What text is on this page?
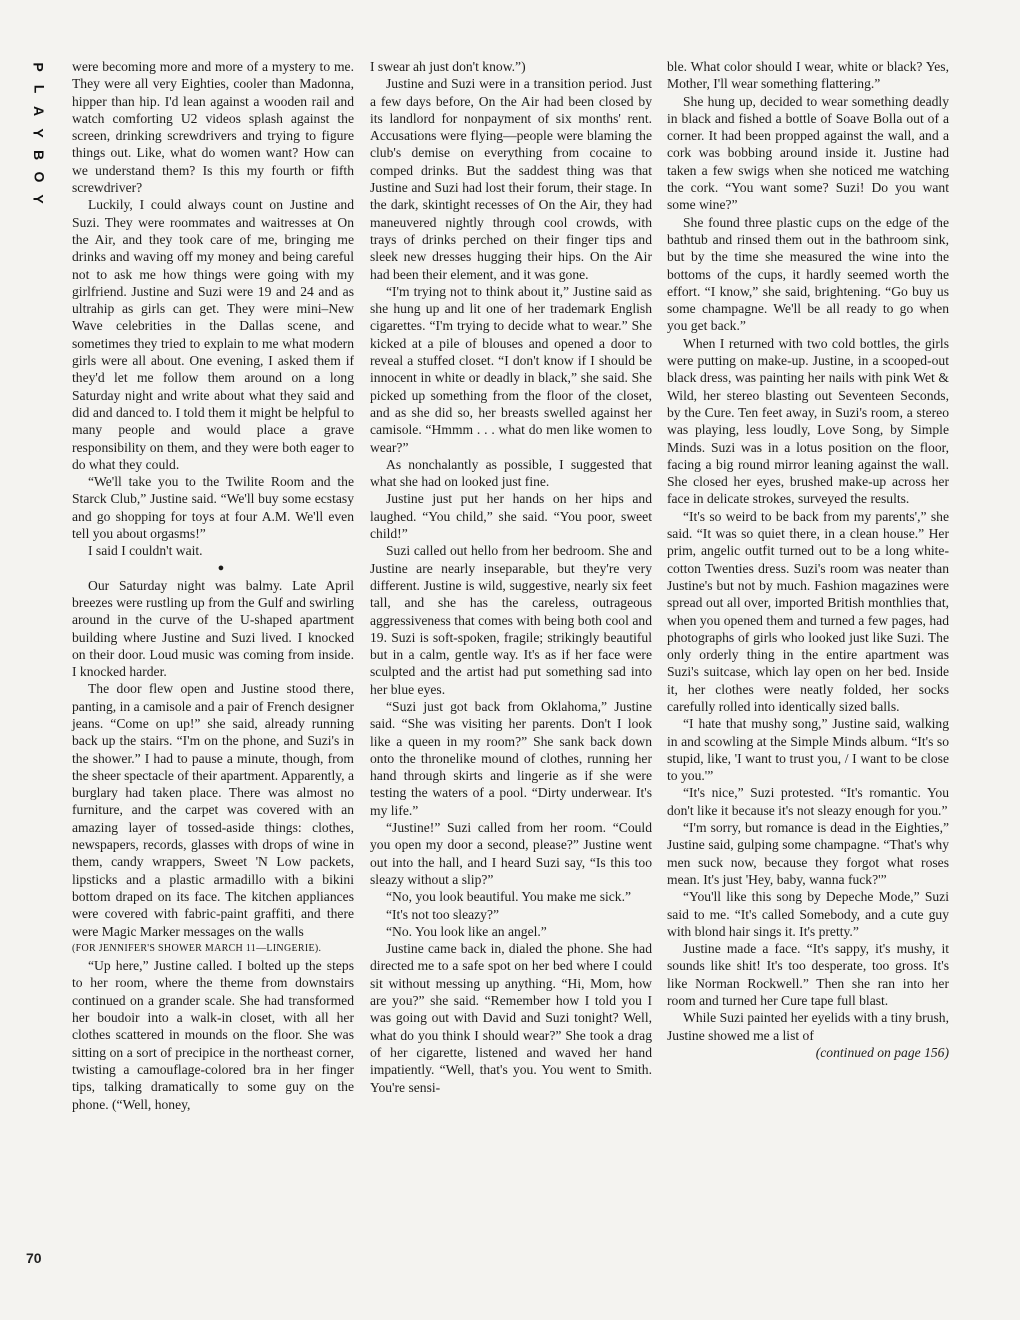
P
L
A
Y
B
O
Y
70

were becoming more and more of a mystery to me. They were all very Eighties, cooler than Madonna, hipper than hip. I'd lean against a wooden rail and watch comforting U2 videos splash against the screen, drinking screwdrivers and trying to figure things out. Like, what do women want? How can we understand them? Is this my fourth or fifth screwdriver?

Luckily, I could always count on Justine and Suzi. They were roommates and waitresses at On the Air, and they took care of me, bringing me drinks and waving off my money and being careful not to ask me how things were going with my girlfriend. Justine and Suzi were 19 and 24 and as ultrahip as girls can get. They were mini–New Wave celebrities in the Dallas scene, and sometimes they tried to explain to me what modern girls were all about. One evening, I asked them if they'd let me follow them around on a long Saturday night and write about what they said and did and danced to. I told them it might be helpful to many people and would place a grave responsibility on them, and they were both eager to do what they could.

“We'll take you to the Twilite Room and the Starck Club,” Justine said. “We'll buy some ecstasy and go shopping for toys at four A.M. We'll even tell you about orgasms!”

I said I couldn't wait.

●

Our Saturday night was balmy. Late April breezes were rustling up from the Gulf and swirling around in the curve of the U-shaped apartment building where Justine and Suzi lived. I knocked on their door. Loud music was coming from inside. I knocked harder.

The door flew open and Justine stood there, panting, in a camisole and a pair of French designer jeans. “Come on up!” she said, already running back up the stairs. “I'm on the phone, and Suzi's in the shower.” I had to pause a minute, though, from the sheer spectacle of their apartment. Apparently, a burglary had taken place. There was almost no furniture, and the carpet was covered with an amazing layer of tossed-aside things: clothes, newspapers, records, glasses with drops of wine in them, candy wrappers, Sweet 'N Low packets, lipsticks and a plastic armadillo with a bikini bottom draped on its face. The kitchen appliances were covered with fabric-paint graffiti, and there were Magic Marker messages on the walls

(FOR JENNIFER'S SHOWER MARCH 11—LINGERIE).

“Up here,” Justine called. I bolted up the steps to her room, where the theme from downstairs continued on a grander scale. She had transformed her boudoir into a walk-in closet, with all her clothes scattered in mounds on the floor. She was sitting on a sort of precipice in the northeast corner, twisting a camouflage-colored bra in her finger tips, talking dramatically to some guy on the phone. (“Well, honey,

I swear ah just don't know.”)

Justine and Suzi were in a transition period. Just a few days before, On the Air had been closed by its landlord for nonpayment of six months' rent. Accusations were flying—people were blaming the club's demise on everything from cocaine to comped drinks. But the saddest thing was that Justine and Suzi had lost their forum, their stage. In the dark, skintight recesses of On the Air, they had maneuvered nightly through cool crowds, with trays of drinks perched on their finger tips and sleek new dresses hugging their hips. On the Air had been their element, and it was gone.

“I'm trying not to think about it,” Justine said as she hung up and lit one of her trademark English cigarettes. “I'm trying to decide what to wear.” She kicked at a pile of blouses and opened a door to reveal a stuffed closet. “I don't know if I should be innocent in white or deadly in black,” she said. She picked up something from the floor of the closet, and as she did so, her breasts swelled against her camisole. “Hmmm . . . what do men like women to wear?”

As nonchalantly as possible, I suggested that what she had on looked just fine.

Justine just put her hands on her hips and laughed. “You child,” she said. “You poor, sweet child!”

Suzi called out hello from her bedroom. She and Justine are nearly inseparable, but they're very different. Justine is wild, suggestive, nearly six feet tall, and she has the careless, outrageous aggressiveness that comes with being both cool and 19. Suzi is soft-spoken, fragile; strikingly beautiful but in a calm, gentle way. It's as if her face were sculpted and the artist had put something sad into her blue eyes.

“Suzi just got back from Oklahoma,” Justine said. “She was visiting her parents. Don't I look like a queen in my room?” She sank back down onto the thronelike mound of clothes, running her hand through skirts and lingerie as if she were testing the waters of a pool. “Dirty underwear. It's my life.”

“Justine!” Suzi called from her room. “Could you open my door a second, please?” Justine went out into the hall, and I heard Suzi say, “Is this too sleazy without a slip?”

“No, you look beautiful. You make me sick.”

“It's not too sleazy?”

“No. You look like an angel.”

Justine came back in, dialed the phone. She had directed me to a safe spot on her bed where I could sit without messing up anything. “Hi, Mom, how are you?” she said. “Remember how I told you I was going out with David and Suzi tonight? Well, what do you think I should wear?” She took a drag of her cigarette, listened and waved her hand impatiently. “Well, that's you. You went to Smith. You're sensi-

ble. What color should I wear, white or black? Yes, Mother, I'll wear something flattering.”

She hung up, decided to wear something deadly in black and fished a bottle of Soave Bolla out of a corner. It had been propped against the wall, and a cork was bobbing around inside it. Justine had taken a few swigs when she noticed me watching the cork. “You want some? Suzi! Do you want some wine?”

She found three plastic cups on the edge of the bathtub and rinsed them out in the bathroom sink, but by the time she measured the wine into the bottoms of the cups, it hardly seemed worth the effort. “I know,” she said, brightening. “Go buy us some champagne. We'll be all ready to go when you get back.”

When I returned with two cold bottles, the girls were putting on make-up. Justine, in a scooped-out black dress, was painting her nails with pink Wet & Wild, her stereo blasting out Seventeen Seconds, by the Cure. Ten feet away, in Suzi's room, a stereo was playing, less loudly, Love Song, by Simple Minds. Suzi was in a lotus position on the floor, facing a big round mirror leaning against the wall. She closed her eyes, brushed make-up across her face in delicate strokes, surveyed the results.

“It's so weird to be back from my parents',” she said. “It was so quiet there, in a clean house.” Her prim, angelic outfit turned out to be a long white-cotton Twenties dress. Suzi's room was neater than Justine's but not by much. Fashion magazines were spread out all over, imported British monthlies that, when you opened them and turned a few pages, had photographs of girls who looked just like Suzi. The only orderly thing in the entire apartment was Suzi's suitcase, which lay open on her bed. Inside it, her clothes were neatly folded, her socks carefully rolled into identically sized balls.

“I hate that mushy song,” Justine said, walking in and scowling at the Simple Minds album. “It's so stupid, like, 'I want to trust you, / I want to be close to you.'”

“It's nice,” Suzi protested. “It's romantic. You don't like it because it's not sleazy enough for you.”

“I'm sorry, but romance is dead in the Eighties,” Justine said, gulping some champagne. “That's why men suck now, because they forgot what roses mean. It's just 'Hey, baby, wanna fuck?'”

“You'll like this song by Depeche Mode,” Suzi said to me. “It's called Somebody, and a cute guy with blond hair sings it. It's pretty.”

Justine made a face. “It's sappy, it's mushy, it sounds like shit! It's too desperate, too gross. It's like Norman Rockwell.” Then she ran into her room and turned her Cure tape full blast.

While Suzi painted her eyelids with a tiny brush, Justine showed me a list of

(continued on page 156)
